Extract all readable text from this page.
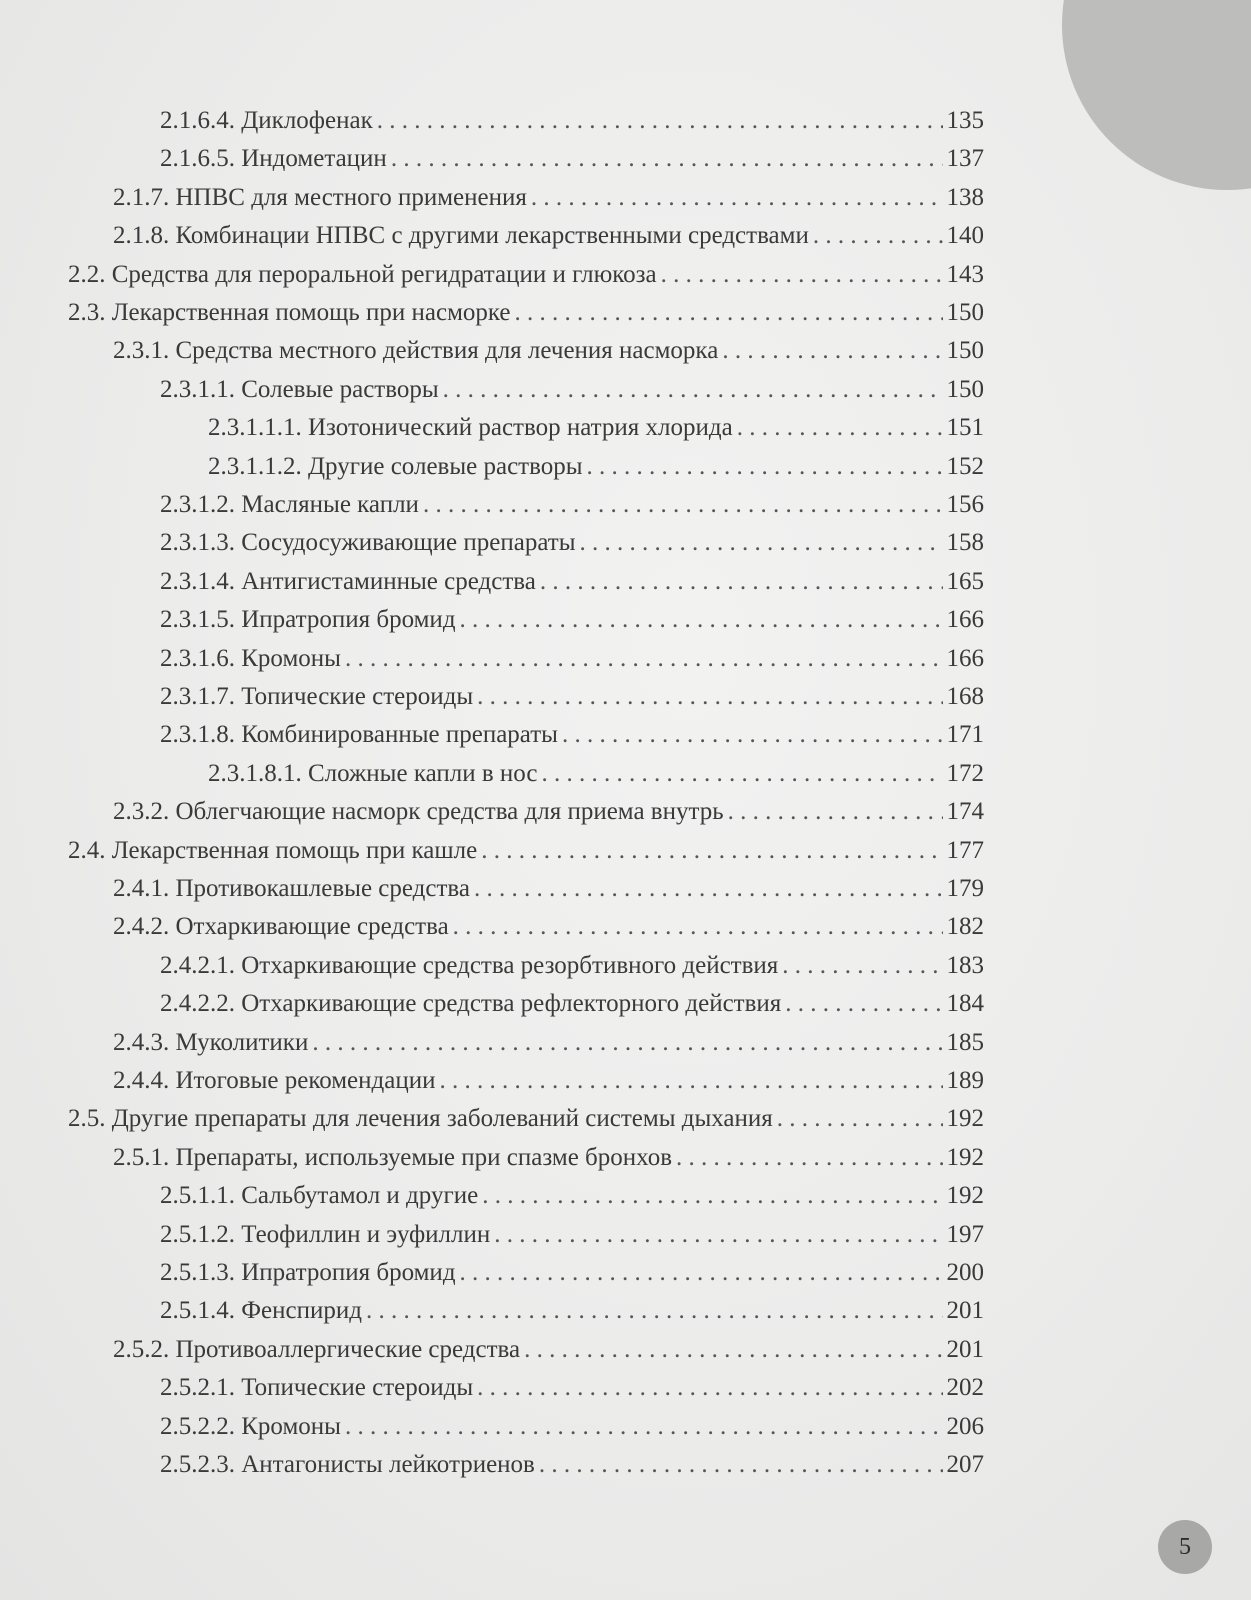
2.1.6.4. Диклофенак . . .	135
2.1.6.5. Индометацин . . .	137
2.1.7. НПВС для местного применения . . .	138
2.1.8. Комбинации НПВС с другими лекарственными средствами . . .	140
2.2. Средства для пероральной регидратации и глюкоза . . .	143
2.3. Лекарственная помощь при насморке . . .	150
2.3.1. Средства местного действия для лечения насморка . . .	150
2.3.1.1. Солевые растворы . . .	150
2.3.1.1.1. Изотонический раствор натрия хлорида . . .	151
2.3.1.1.2. Другие солевые растворы . . .	152
2.3.1.2. Масляные капли . . .	156
2.3.1.3. Сосудосуживающие препараты . . .	158
2.3.1.4. Антигистаминные средства . . .	165
2.3.1.5. Ипратропия бромид . . .	166
2.3.1.6. Кромоны . . .	166
2.3.1.7. Топические стероиды . . .	168
2.3.1.8. Комбинированные препараты . . .	171
2.3.1.8.1. Сложные капли в нос . . .	172
2.3.2. Облегчающие насморк средства для приема внутрь . . .	174
2.4. Лекарственная помощь при кашле . . .	177
2.4.1. Противокашлевые средства . . .	179
2.4.2. Отхаркивающие средства . . .	182
2.4.2.1. Отхаркивающие средства резорбтивного действия . . .	183
2.4.2.2. Отхаркивающие средства рефлекторного действия . . .	184
2.4.3. Муколитики . . .	185
2.4.4. Итоговые рекомендации . . .	189
2.5. Другие препараты для лечения заболеваний системы дыхания . . .	192
2.5.1. Препараты, используемые при спазме бронхов . . .	192
2.5.1.1. Сальбутамол и другие . . .	192
2.5.1.2. Теофиллин и эуфиллин . . .	197
2.5.1.3. Ипратропия бромид . . .	200
2.5.1.4. Фенспирид . . .	201
2.5.2. Противоаллергические средства . . .	201
2.5.2.1. Топические стероиды . . .	202
2.5.2.2. Кромоны . . .	206
2.5.2.3. Антагонисты лейкотриенов . . .	207
5
